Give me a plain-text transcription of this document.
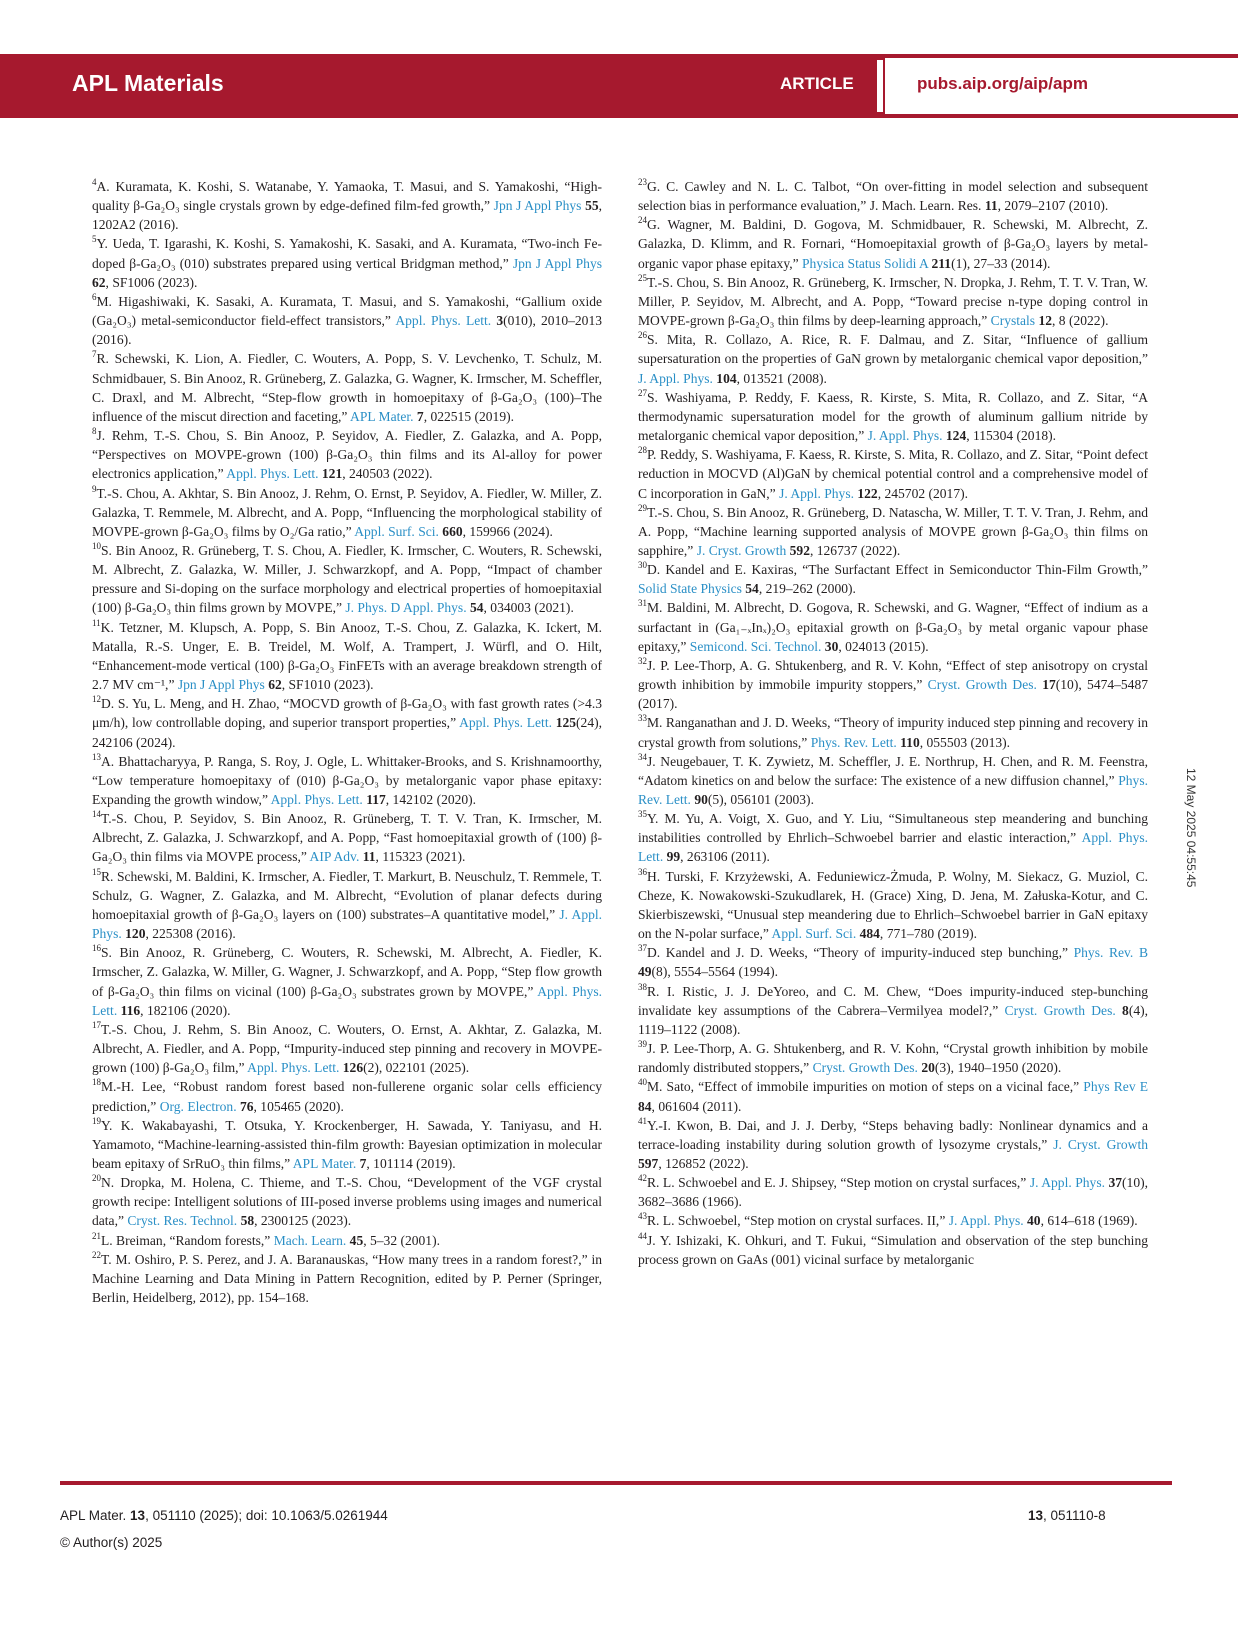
APL Materials	ARTICLE	pubs.aip.org/aip/apm

$^4$A. Kuramata, K. Koshi, S. Watanabe, Y. Yamaoka, T. Masui, and S. Yamakoshi, “High-quality β-Ga₂O₃ single crystals grown by edge-defined film-fed growth,” Jpn J Appl Phys 55, 1202A2 (2016).

$^5$Y. Ueda, T. Igarashi, K. Koshi, S. Yamakoshi, K. Sasaki, and A. Kuramata, “Two-inch Fe-doped β-Ga₂O₃ (010) substrates prepared using vertical Bridgman method,” Jpn J Appl Phys 62, SF1006 (2023).

$^6$M. Higashiwaki, K. Sasaki, A. Kuramata, T. Masui, and S. Yamakoshi, “Gallium oxide (Ga₂O₃) metal-semiconductor field-effect transistors,” Appl. Phys. Lett. 3(010), 2010–2013 (2016).

$^7$R. Schewski, K. Lion, A. Fiedler, C. Wouters, A. Popp, S. V. Levchenko, T. Schulz, M. Schmidbauer, S. Bin Anooz, R. Grüneberg, Z. Galazka, G. Wagner, K. Irmscher, M. Scheffler, C. Draxl, and M. Albrecht, “Step-flow growth in homoepitaxy of β-Ga₂O₃ (100)–The influence of the miscut direction and faceting,” APL Mater. 7, 022515 (2019).

$^8$J. Rehm, T.-S. Chou, S. Bin Anooz, P. Seyidov, A. Fiedler, Z. Galazka, and A. Popp, “Perspectives on MOVPE-grown (100) β-Ga₂O₃ thin films and its Al-alloy for power electronics application,” Appl. Phys. Lett. 121, 240503 (2022).

$^9$T.-S. Chou, A. Akhtar, S. Bin Anooz, J. Rehm, O. Ernst, P. Seyidov, A. Fiedler, W. Miller, Z. Galazka, T. Remmele, M. Albrecht, and A. Popp, “Influencing the morphological stability of MOVPE-grown β-Ga₂O₃ films by O₂/Ga ratio,” Appl. Surf. Sci. 660, 159966 (2024).

$^{10}$S. Bin Anooz, R. Grüneberg, T. S. Chou, A. Fiedler, K. Irmscher, C. Wouters, R. Schewski, M. Albrecht, Z. Galazka, W. Miller, J. Schwarzkopf, and A. Popp, “Impact of chamber pressure and Si-doping on the surface morphology and electrical properties of homoepitaxial (100) β-Ga₂O₃ thin films grown by MOVPE,” J. Phys. D Appl. Phys. 54, 034003 (2021).

$^{11}$K. Tetzner, M. Klupsch, A. Popp, S. Bin Anooz, T.-S. Chou, Z. Galazka, K. Ickert, M. Matalla, R.-S. Unger, E. B. Treidel, M. Wolf, A. Trampert, J. Würfl, and O. Hilt, “Enhancement-mode vertical (100) β-Ga₂O₃ FinFETs with an average breakdown strength of 2.7 MV cm⁻¹,” Jpn J Appl Phys 62, SF1010 (2023).

$^{12}$D. S. Yu, L. Meng, and H. Zhao, “MOCVD growth of β-Ga₂O₃ with fast growth rates (>4.3 μm/h), low controllable doping, and superior transport properties,” Appl. Phys. Lett. 125(24), 242106 (2024).

$^{13}$A. Bhattacharyya, P. Ranga, S. Roy, J. Ogle, L. Whittaker-Brooks, and S. Krishnamoorthy, “Low temperature homoepitaxy of (010) β-Ga₂O₃ by metalorganic vapor phase epitaxy: Expanding the growth window,” Appl. Phys. Lett. 117, 142102 (2020).

$^{14}$T.-S. Chou, P. Seyidov, S. Bin Anooz, R. Grüneberg, T. T. V. Tran, K. Irmscher, M. Albrecht, Z. Galazka, J. Schwarzkopf, and A. Popp, “Fast homoepitaxial growth of (100) β-Ga₂O₃ thin films via MOVPE process,” AIP Adv. 11, 115323 (2021).

$^{15}$R. Schewski, M. Baldini, K. Irmscher, A. Fiedler, T. Markurt, B. Neuschulz, T. Remmele, T. Schulz, G. Wagner, Z. Galazka, and M. Albrecht, “Evolution of planar defects during homoepitaxial growth of β-Ga₂O₃ layers on (100) substrates–A quantitative model,” J. Appl. Phys. 120, 225308 (2016).

$^{16}$S. Bin Anooz, R. Grüneberg, C. Wouters, R. Schewski, M. Albrecht, A. Fiedler, K. Irmscher, Z. Galazka, W. Miller, G. Wagner, J. Schwarzkopf, and A. Popp, “Step flow growth of β-Ga₂O₃ thin films on vicinal (100) β-Ga₂O₃ substrates grown by MOVPE,” Appl. Phys. Lett. 116, 182106 (2020).

$^{17}$T.-S. Chou, J. Rehm, S. Bin Anooz, C. Wouters, O. Ernst, A. Akhtar, Z. Galazka, M. Albrecht, A. Fiedler, and A. Popp, “Impurity-induced step pinning and recovery in MOVPE-grown (100) β-Ga₂O₃ film,” Appl. Phys. Lett. 126(2), 022101 (2025).

$^{18}$M.-H. Lee, “Robust random forest based non-fullerene organic solar cells efficiency prediction,” Org. Electron. 76, 105465 (2020).

$^{19}$Y. K. Wakabayashi, T. Otsuka, Y. Krockenberger, H. Sawada, Y. Taniyasu, and H. Yamamoto, “Machine-learning-assisted thin-film growth: Bayesian optimization in molecular beam epitaxy of SrRuO₃ thin films,” APL Mater. 7, 101114 (2019).

$^{20}$N. Dropka, M. Holena, C. Thieme, and T.-S. Chou, “Development of the VGF crystal growth recipe: Intelligent solutions of III-posed inverse problems using images and numerical data,” Cryst. Res. Technol. 58, 2300125 (2023).

$^{21}$L. Breiman, “Random forests,” Mach. Learn. 45, 5–32 (2001).

$^{22}$T. M. Oshiro, P. S. Perez, and J. A. Baranauskas, “How many trees in a random forest?,” in Machine Learning and Data Mining in Pattern Recognition, edited by P. Perner (Springer, Berlin, Heidelberg, 2012), pp. 154–168.

$^{23}$G. C. Cawley and N. L. C. Talbot, “On over-fitting in model selection and subsequent selection bias in performance evaluation,” J. Mach. Learn. Res. 11, 2079–2107 (2010).

$^{24}$G. Wagner, M. Baldini, D. Gogova, M. Schmidbauer, R. Schewski, M. Albrecht, Z. Galazka, D. Klimm, and R. Fornari, “Homoepitaxial growth of β-Ga₂O₃ layers by metal-organic vapor phase epitaxy,” Physica Status Solidi A 211(1), 27–33 (2014).

$^{25}$T.-S. Chou, S. Bin Anooz, R. Grüneberg, K. Irmscher, N. Dropka, J. Rehm, T. T. V. Tran, W. Miller, P. Seyidov, M. Albrecht, and A. Popp, “Toward precise n-type doping control in MOVPE-grown β-Ga₂O₃ thin films by deep-learning approach,” Crystals 12, 8 (2022).

$^{26}$S. Mita, R. Collazo, A. Rice, R. F. Dalmau, and Z. Sitar, “Influence of gallium supersaturation on the properties of GaN grown by metalorganic chemical vapor deposition,” J. Appl. Phys. 104, 013521 (2008).

$^{27}$S. Washiyama, P. Reddy, F. Kaess, R. Kirste, S. Mita, R. Collazo, and Z. Sitar, “A thermodynamic supersaturation model for the growth of aluminum gallium nitride by metalorganic chemical vapor deposition,” J. Appl. Phys. 124, 115304 (2018).

$^{28}$P. Reddy, S. Washiyama, F. Kaess, R. Kirste, S. Mita, R. Collazo, and Z. Sitar, “Point defect reduction in MOCVD (Al)GaN by chemical potential control and a comprehensive model of C incorporation in GaN,” J. Appl. Phys. 122, 245702 (2017).

$^{29}$T.-S. Chou, S. Bin Anooz, R. Grüneberg, D. Natascha, W. Miller, T. T. V. Tran, J. Rehm, and A. Popp, “Machine learning supported analysis of MOVPE grown β-Ga₂O₃ thin films on sapphire,” J. Cryst. Growth 592, 126737 (2022).

$^{30}$D. Kandel and E. Kaxiras, “The Surfactant Effect in Semiconductor Thin-Film Growth,” Solid State Physics 54, 219–262 (2000).

$^{31}$M. Baldini, M. Albrecht, D. Gogova, R. Schewski, and G. Wagner, “Effect of indium as a surfactant in (Ga₁₋ₓInₓ)₂O₃ epitaxial growth on β-Ga₂O₃ by metal organic vapour phase epitaxy,” Semicond. Sci. Technol. 30, 024013 (2015).

$^{32}$J. P. Lee-Thorp, A. G. Shtukenberg, and R. V. Kohn, “Effect of step anisotropy on crystal growth inhibition by immobile impurity stoppers,” Cryst. Growth Des. 17(10), 5474–5487 (2017).

$^{33}$M. Ranganathan and J. D. Weeks, “Theory of impurity induced step pinning and recovery in crystal growth from solutions,” Phys. Rev. Lett. 110, 055503 (2013).

$^{34}$J. Neugebauer, T. K. Zywietz, M. Scheffler, J. E. Northrup, H. Chen, and R. M. Feenstra, “Adatom kinetics on and below the surface: The existence of a new diffusion channel,” Phys. Rev. Lett. 90(5), 056101 (2003).

$^{35}$Y. M. Yu, A. Voigt, X. Guo, and Y. Liu, “Simultaneous step meandering and bunching instabilities controlled by Ehrlich–Schwoebel barrier and elastic interaction,” Appl. Phys. Lett. 99, 263106 (2011).

$^{36}$H. Turski, F. Krzyżewski, A. Feduniewicz-Żmuda, P. Wolny, M. Siekacz, G. Muziol, C. Cheze, K. Nowakowski-Szukudlarek, H. (Grace) Xing, D. Jena, M. Załuska-Kotur, and C. Skierbiszewski, “Unusual step meandering due to Ehrlich–Schwoebel barrier in GaN epitaxy on the N-polar surface,” Appl. Surf. Sci. 484, 771–780 (2019).

$^{37}$D. Kandel and J. D. Weeks, “Theory of impurity-induced step bunching,” Phys. Rev. B 49(8), 5554–5564 (1994).

$^{38}$R. I. Ristic, J. J. DeYoreo, and C. M. Chew, “Does impurity-induced step-bunching invalidate key assumptions of the Cabrera–Vermilyea model?,” Cryst. Growth Des. 8(4), 1119–1122 (2008).

$^{39}$J. P. Lee-Thorp, A. G. Shtukenberg, and R. V. Kohn, “Crystal growth inhibition by mobile randomly distributed stoppers,” Cryst. Growth Des. 20(3), 1940–1950 (2020).

$^{40}$M. Sato, “Effect of immobile impurities on motion of steps on a vicinal face,” Phys Rev E 84, 061604 (2011).

$^{41}$Y.-I. Kwon, B. Dai, and J. J. Derby, “Steps behaving badly: Nonlinear dynamics and a terrace-loading instability during solution growth of lysozyme crystals,” J. Cryst. Growth 597, 126852 (2022).

$^{42}$R. L. Schwoebel and E. J. Shipsey, “Step motion on crystal surfaces,” J. Appl. Phys. 37(10), 3682–3686 (1966).

$^{43}$R. L. Schwoebel, “Step motion on crystal surfaces. II,” J. Appl. Phys. 40, 614–618 (1969).

$^{44}$J. Y. Ishizaki, K. Ohkuri, and T. Fukui, “Simulation and observation of the step bunching process grown on GaAs (001) vicinal surface by metalorganic

12 May 2025 04:55:45
APL Mater. 13, 051110 (2025); doi: 10.1063/5.0261944
© Author(s) 2025
13, 051110-8
